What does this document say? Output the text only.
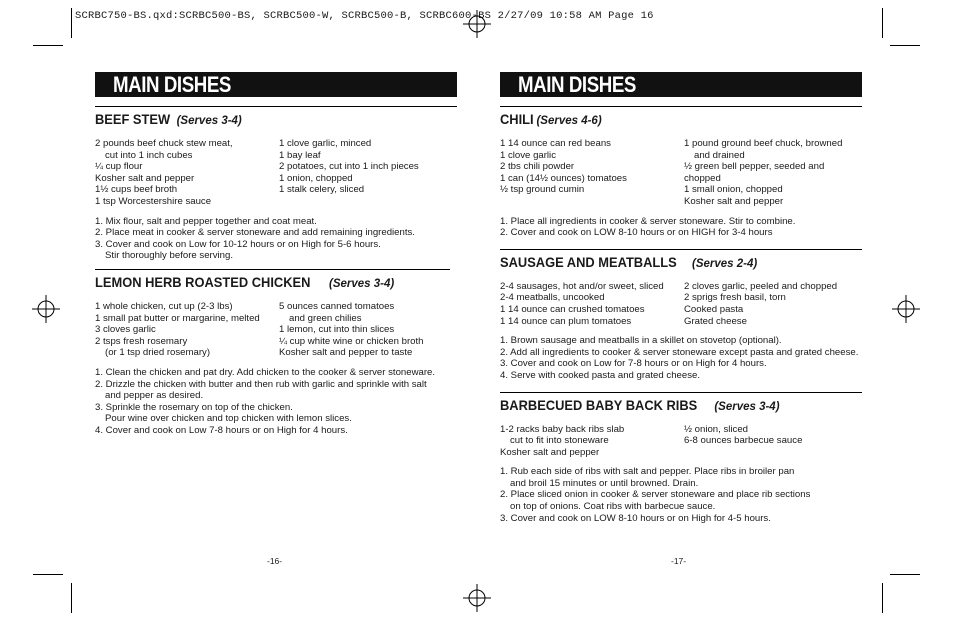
SCRBC750-BS.qxd:SCRBC500-BS, SCRBC500-W, SCRBC500-B, SCRBC600-BS 2/27/09 10:58 AM Page 16
MAIN DISHES
BEEF STEW (Serves 3-4)
2 pounds beef chuck stew meat,
cut into 1 inch cubes
¼ cup flour
Kosher salt and pepper
1½ cups beef broth
1 tsp Worcestershire sauce
1 clove garlic, minced
1 bay leaf
2 potatoes, cut into 1 inch pieces
1 onion, chopped
1 stalk celery, sliced
1. Mix flour, salt and pepper together and coat meat.
2. Place meat in cooker & server stoneware and add remaining ingredients.
3. Cover and cook on Low for 10-12 hours or on High for 5-6 hours.
Stir thoroughly before serving.
LEMON HERB ROASTED CHICKEN (Serves 3-4)
1 whole chicken, cut up (2-3 lbs)
1 small pat butter or margarine, melted
3 cloves garlic
2 tsps fresh rosemary
(or 1 tsp dried rosemary)
5 ounces canned tomatoes
and green chilies
1 lemon, cut into thin slices
¼ cup white wine or chicken broth
Kosher salt and pepper to taste
1. Clean the chicken and pat dry. Add chicken to the cooker & server stoneware.
2. Drizzle the chicken with butter and then rub with garlic and sprinkle with salt
and pepper as desired.
3. Sprinkle the rosemary on top of the chicken.
Pour wine over chicken and top chicken with lemon slices.
4. Cover and cook on Low 7-8 hours or on High for 4 hours.
-16-
MAIN DISHES
CHILI (Serves 4-6)
1 14 ounce can red beans
1 clove garlic
2 tbs chili powder
1 can (14½ ounces) tomatoes
½ tsp ground cumin
1 pound ground beef chuck, browned
and drained
½ green bell pepper, seeded and chopped
1 small onion, chopped
Kosher salt and pepper
1. Place all ingredients in cooker & server stoneware. Stir to combine.
2. Cover and cook on LOW 8-10 hours or on HIGH for 3-4 hours
SAUSAGE AND MEATBALLS (Serves 2-4)
2-4 sausages, hot and/or sweet, sliced
2-4 meatballs, uncooked
1 14 ounce can crushed tomatoes
1 14 ounce can plum tomatoes
2 cloves garlic, peeled and chopped
2 sprigs fresh basil, torn
Cooked pasta
Grated cheese
1. Brown sausage and meatballs in a skillet on stovetop (optional).
2. Add all ingredients to cooker & server stoneware except pasta and grated cheese.
3. Cover and cook on Low for 7-8 hours or on High for 4 hours.
4. Serve with cooked pasta and grated cheese.
BARBECUED BABY BACK RIBS (Serves 3-4)
1-2 racks baby back ribs slab
cut to fit into stoneware
Kosher salt and pepper
½ onion, sliced
6-8 ounces barbecue sauce
1. Rub each side of ribs with salt and pepper. Place ribs in broiler pan
and broil 15 minutes or until browned. Drain.
2. Place sliced onion in cooker & server stoneware and place rib sections
on top of onions. Coat ribs with barbecue sauce.
3. Cover and cook on LOW 8-10 hours or on High for 4-5 hours.
-17-
